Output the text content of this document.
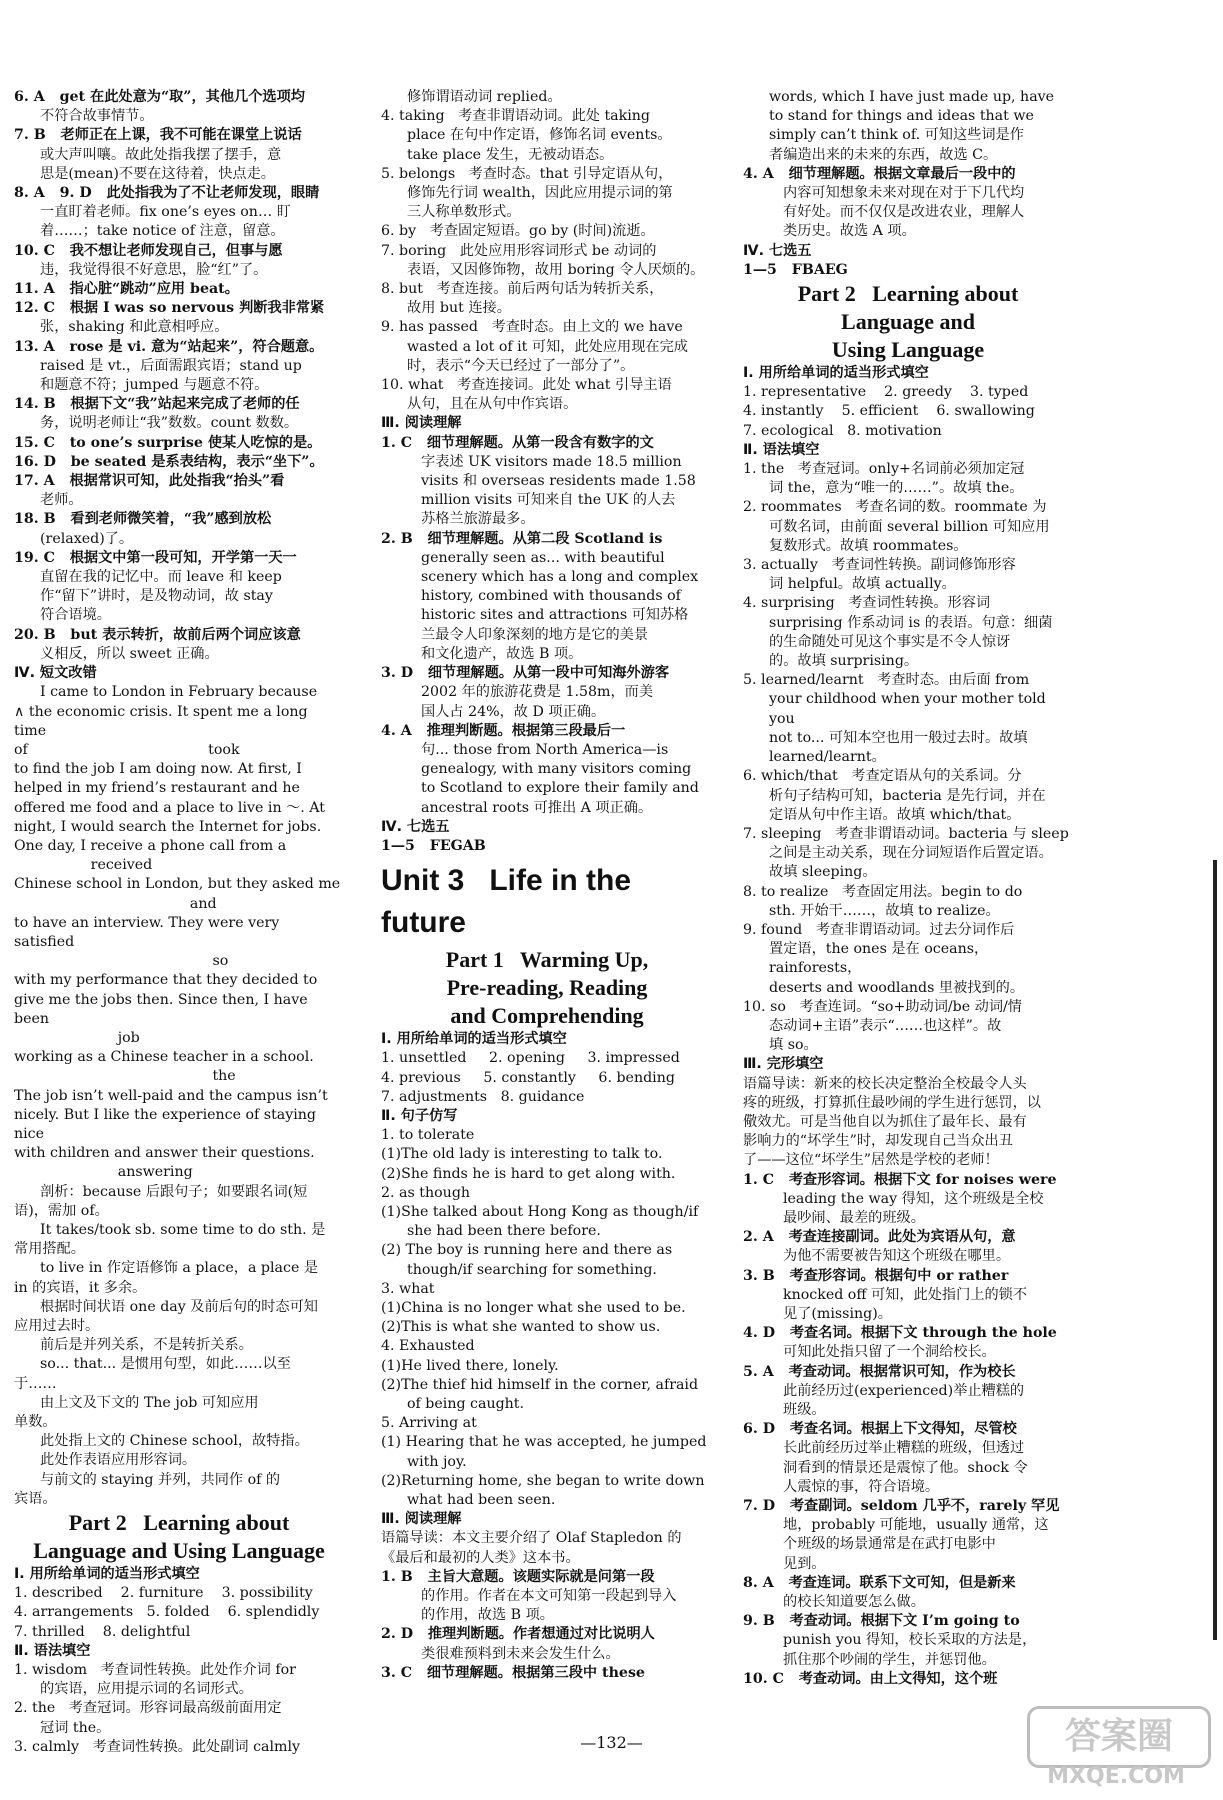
6. A   get 在此处意为“取”，其他几个选项均
不符合故事情节。
7. B   老师正在上课，我不可能在课堂上说话
或大声叫嚷。故此处指我摆了摆手，意
思是(mean)不要在这待着，快点走。
8. A   9. D   此处指我为了不让老师发现，眼睛
一直盯着老师。fix one’s eyes on… 盯
着……；take notice of 注意，留意。
10. C   我不想让老师发现自己，但事与愿
违，我觉得很不好意思，脸“红”了。
11. A   指心脏“跳动”应用 beat。
12. C   根据 I was so nervous 判断我非常紧
张，shaking 和此意相呼应。
13. A   rose 是 vi. 意为“站起来”，符合题意。
raised 是 vt.，后面需跟宾语；stand up
和题意不符；jumped 与题意不符。
14. B   根据下文“我”站起来完成了老师的任
务，说明老师让“我”数数。count 数数。
15. C   to one’s surprise 使某人吃惊的是。
16. D   be seated 是系表结构，表示“坐下”。
17. A   根据常识可知，此处指我“抬头”看
老师。
18. B   看到老师微笑着，“我”感到放松
(relaxed)了。
19. C   根据文中第一段可知，开学第一天一
直留在我的记忆中。而 leave 和 keep
作“留下”讲时，是及物动词，故 stay
符合语境。
20. B   but 表示转折，故前后两个词应该意
义相反，所以 sweet 正确。
Ⅳ. 短文改错
I came to London in February because
∧ the economic crisis. It spent me a long time
of                                        took
to find the job I am doing now. At first, I
helped in my friend’s restaurant and he
offered me food and a place to live in 〜. At
night, I would search the Internet for jobs.
One day, I receive a phone call from a
received
Chinese school in London, but they asked me
and
to have an interview. They were very satisfied
so
with my performance that they decided to
give me the jobs then. Since then, I have been
job
working as a Chinese teacher in a school.
the
The job isn’t well-paid and the campus isn’t
nicely. But I like the experience of staying
nice
with children and answer their questions.
answering
剖析：because 后跟句子；如要跟名词(短
语)，需加 of。
It takes/took sb. some time to do sth. 是
常用搭配。
to live in 作定语修饰 a place，a place 是
in 的宾语，it 多余。
根据时间状语 one day 及前后句的时态可知
应用过去时。
前后是并列关系，不是转折关系。
so... that... 是惯用句型，如此……以至
于……
由上文及下文的 The job 可知应用
单数。
此处指上文的 Chinese school，故特指。
此处作表语应用形容词。
与前文的 staying 并列，共同作 of 的
宾语。
Part 2   Learning about
Language and Using Language
Ⅰ. 用所给单词的适当形式填空
1. described    2. furniture    3. possibility
4. arrangements   5. folded    6. splendidly
7. thrilled    8. delightful
Ⅱ. 语法填空
1. wisdom   考查词性转换。此处作介词 for
的宾语，应用提示词的名词形式。
2. the   考查冠词。形容词最高级前面用定
冠词 the。
3. calmly   考查词性转换。此处副词 calmly
修饰谓语动词 replied。
4. taking   考查非谓语动词。此处 taking
place 在句中作定语，修饰名词 events。
take place 发生，无被动语态。
5. belongs   考查时态。that 引导定语从句，
修饰先行词 wealth，因此应用提示词的第
三人称单数形式。
6. by   考查固定短语。go by (时间)流逝。
7. boring   此处应用形容词形式 be 动词的
表语，又因修饰物，故用 boring 令人厌烦的。
8. but   考查连接。前后两句话为转折关系，
故用 but 连接。
9. has passed   考查时态。由上文的 we have
wasted a lot of it 可知，此处应用现在完成
时，表示“今天已经过了一部分了”。
10. what   考查连接词。此处 what 引导主语
从句，且在从句中作宾语。
Ⅲ. 阅读理解
1. C   细节理解题。从第一段含有数字的文
字表述 UK visitors made 18.5 million
visits 和 overseas residents made 1.58
million visits 可知来自 the UK 的人去
苏格兰旅游最多。
2. B   细节理解题。从第二段 Scotland is
generally seen as... with beautiful
scenery which has a long and complex
history, combined with thousands of
historic sites and attractions 可知苏格
兰最令人印象深刻的地方是它的美景
和文化遗产，故选 B 项。
3. D   细节理解题。从第一段中可知海外游客
2002 年的旅游花费是 1.58m，而美
国人占 24%，故 D 项正确。
4. A   推理判断题。根据第三段最后一
句... those from North America—is
genealogy, with many visitors coming
to Scotland to explore their family and
ancestral roots 可推出 A 项正确。
Ⅳ. 七选五
1—5   FEGAB
Unit 3   Life in the future
Part 1   Warming Up,
Pre-reading, Reading
and Comprehending
Ⅰ. 用所给单词的适当形式填空
1. unsettled     2. opening     3. impressed
4. previous     5. constantly     6. bending
7. adjustments   8. guidance
Ⅱ. 句子仿写
1. to tolerate
(1)The old lady is interesting to talk to.
(2)She finds he is hard to get along with.
2. as though
(1)She talked about Hong Kong as though/if
she had been there before.
(2) The boy is running here and there as
though/if searching for something.
3. what
(1)China is no longer what she used to be.
(2)This is what she wanted to show us.
4. Exhausted
(1)He lived there, lonely.
(2)The thief hid himself in the corner, afraid
of being caught.
5. Arriving at
(1) Hearing that he was accepted, he jumped
with joy.
(2)Returning home, she began to write down
what had been seen.
Ⅲ. 阅读理解
语篇导读：本文主要介绍了 Olaf Stapledon 的
《最后和最初的人类》这本书。
1. B   主旨大意题。该题实际就是问第一段
的作用。作者在本文可知第一段起到导入
的作用，故选 B 项。
2. D   推理判断题。作者想通过对比说明人
类很难预料到未来会发生什么。
3. C   细节理解题。根据第三段中 these
words, which I have just made up, have
to stand for things and ideas that we
simply can’t think of. 可知这些词是作
者编造出来的未来的东西，故选 C。
4. A   细节理解题。根据文章最后一段中的
内容可知想象未来对现在对于下几代均
有好处。而不仅仅是改进农业，理解人
类历史。故选 A 项。
Ⅳ. 七选五
1—5   FBAEG
Part 2   Learning about
Language and
Using Language
Ⅰ. 用所给单词的适当形式填空
1. representative    2. greedy    3. typed
4. instantly    5. efficient    6. swallowing
7. ecological   8. motivation
Ⅱ. 语法填空
1. the   考查冠词。only+名词前必须加定冠
词 the，意为“唯一的……”。故填 the。
2. roommates   考查名词的数。roommate 为
可数名词，由前面 several billion 可知应用
复数形式。故填 roommates。
3. actually   考查词性转换。副词修饰形容
词 helpful。故填 actually。
4. surprising   考查词性转换。形容词
surprising 作系动词 is 的表语。句意：细菌
的生命随处可见这个事实是不令人惊讶
的。故填 surprising。
5. learned/learnt   考查时态。由后面 from
your childhood when your mother told you
not to... 可知本空也用一般过去时。故填
learned/learnt。
6. which/that   考查定语从句的关系词。分
析句子结构可知，bacteria 是先行词，并在
定语从句中作主语。故填 which/that。
7. sleeping   考查非谓语动词。bacteria 与 sleep
之间是主动关系，现在分词短语作后置定语。
故填 sleeping。
8. to realize   考查固定用法。begin to do
sth. 开始干……，故填 to realize。
9. found   考查非谓语动词。过去分词作后
置定语，the ones 是在 oceans，rainforests，
deserts and woodlands 里被找到的。
10. so   考查连词。“so+助动词/be 动词/情
态动词+主语”表示“……也这样”。故
填 so。
Ⅲ. 完形填空
语篇导读：新来的校长决定整治全校最令人头
疼的班级，打算抓住最吵闹的学生进行惩罚，以
儆效尤。可是当他自以为抓住了最年长、最有
影响力的“坏学生”时，却发现自己当众出丑
了——这位“坏学生”居然是学校的老师！
1. C   考查形容词。根据下文 for noises were
leading the way 得知，这个班级是全校
最吵闹、最差的班级。
2. A   考查连接副词。此处为宾语从句，意
为他不需要被告知这个班级在哪里。
3. B   考查形容词。根据句中 or rather
knocked off 可知，此处指门上的锁不
见了(missing)。
4. D   考查名词。根据下文 through the hole
可知此处指只留了一个洞给校长。
5. A   考查动词。根据常识可知，作为校长
此前经历过(experienced)举止糟糕的
班级。
6. D   考查名词。根据上下文得知，尽管校
长此前经历过举止糟糕的班级，但透过
洞看到的情景还是震惊了他。shock 令
人震惊的事，符合语境。
7. D   考查副词。seldom 几乎不，rarely 罕见
地，probably 可能地，usually 通常，这
个班级的场景通常是在武打电影中
见到。
8. A   考查连词。联系下文可知，但是新来
的校长知道要怎么做。
9. B   考查动词。根据下文 I’m going to
punish you 得知，校长采取的方法是，
抓住那个吵闹的学生，并惩罚他。
10. C   考查动词。由上文得知，这个班
—132—	答案圈
MXQE.COM
